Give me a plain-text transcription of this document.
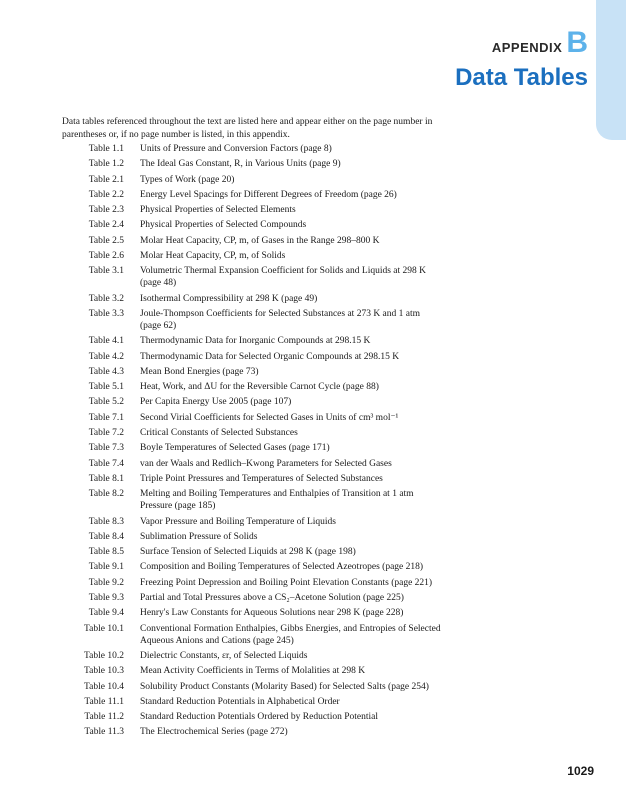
APPENDIX B
Data Tables

Data tables referenced throughout the text are listed here and appear either on the page number in parentheses or, if no page number is listed, in this appendix.

Table 1.1	Units of Pressure and Conversion Factors (page 8)
Table 1.2	The Ideal Gas Constant, R, in Various Units (page 9)
Table 2.1	Types of Work (page 20)
Table 2.2	Energy Level Spacings for Different Degrees of Freedom (page 26)
Table 2.3	Physical Properties of Selected Elements
Table 2.4	Physical Properties of Selected Compounds
Table 2.5	Molar Heat Capacity, CP, m, of Gases in the Range 298–800 K
Table 2.6	Molar Heat Capacity, CP, m, of Solids
Table 3.1	Volumetric Thermal Expansion Coefficient for Solids and Liquids at 298 K (page 48)
Table 3.2	Isothermal Compressibility at 298 K (page 49)
Table 3.3	Joule-Thompson Coefficients for Selected Substances at 273 K and 1 atm (page 62)
Table 4.1	Thermodynamic Data for Inorganic Compounds at 298.15 K
Table 4.2	Thermodynamic Data for Selected Organic Compounds at 298.15 K
Table 4.3	Mean Bond Energies (page 73)
Table 5.1	Heat, Work, and ΔU for the Reversible Carnot Cycle (page 88)
Table 5.2	Per Capita Energy Use 2005 (page 107)
Table 7.1	Second Virial Coefficients for Selected Gases in Units of cm³ mol⁻¹
Table 7.2	Critical Constants of Selected Substances
Table 7.3	Boyle Temperatures of Selected Gases (page 171)
Table 7.4	van der Waals and Redlich–Kwong Parameters for Selected Gases
Table 8.1	Triple Point Pressures and Temperatures of Selected Substances
Table 8.2	Melting and Boiling Temperatures and Enthalpies of Transition at 1 atm Pressure (page 185)
Table 8.3	Vapor Pressure and Boiling Temperature of Liquids
Table 8.4	Sublimation Pressure of Solids
Table 8.5	Surface Tension of Selected Liquids at 298 K (page 198)
Table 9.1	Composition and Boiling Temperatures of Selected Azeotropes (page 218)
Table 9.2	Freezing Point Depression and Boiling Point Elevation Constants (page 221)
Table 9.3	Partial and Total Pressures above a CS₂–Acetone Solution (page 225)
Table 9.4	Henry's Law Constants for Aqueous Solutions near 298 K (page 228)
Table 10.1	Conventional Formation Enthalpies, Gibbs Energies, and Entropies of Selected Aqueous Anions and Cations (page 245)
Table 10.2	Dielectric Constants, εr, of Selected Liquids
Table 10.3	Mean Activity Coefficients in Terms of Molalities at 298 K
Table 10.4	Solubility Product Constants (Molarity Based) for Selected Salts (page 254)
Table 11.1	Standard Reduction Potentials in Alphabetical Order
Table 11.2	Standard Reduction Potentials Ordered by Reduction Potential
Table 11.3	The Electrochemical Series (page 272)
1029
